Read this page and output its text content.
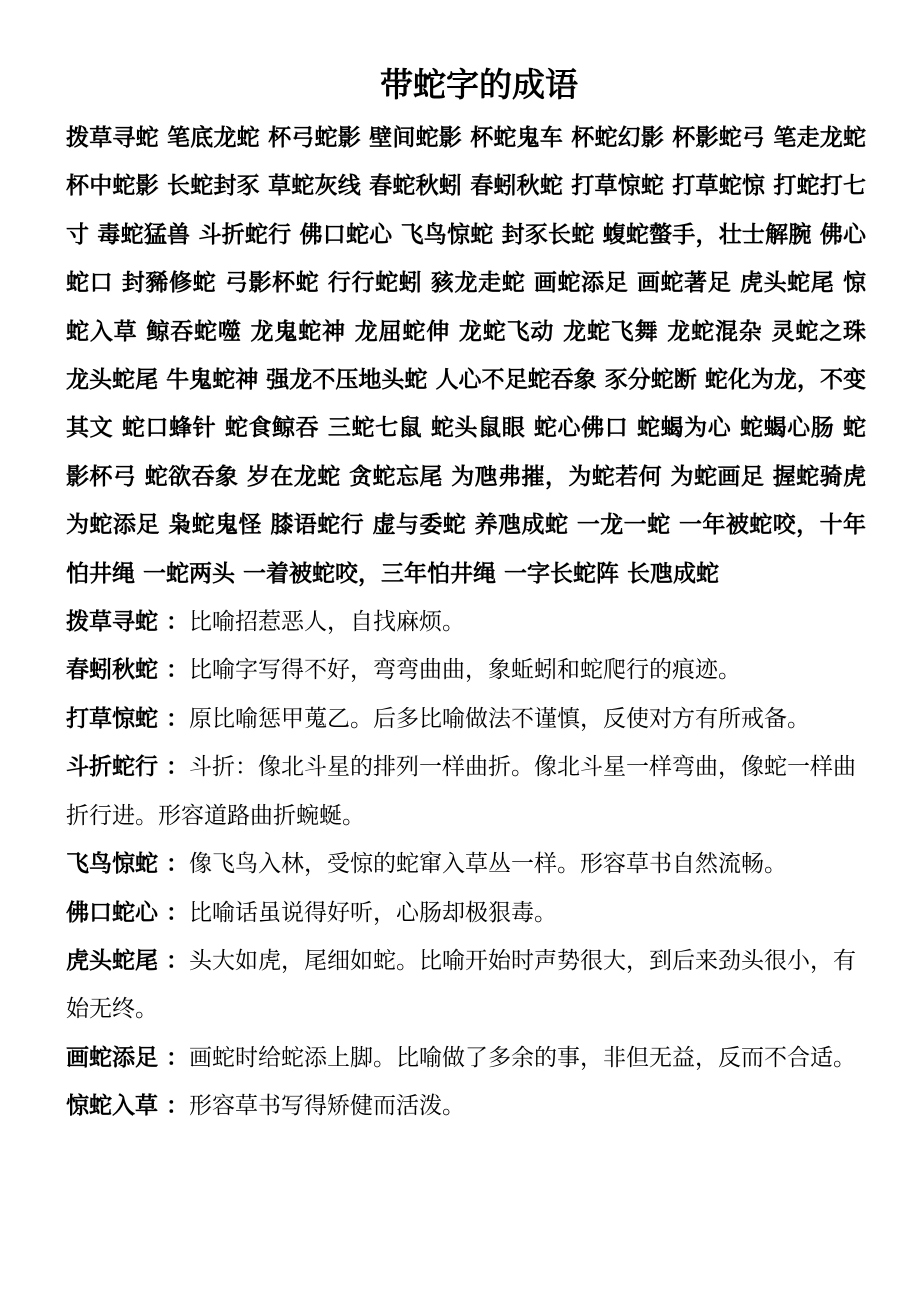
带蛇字的成语

拨草寻蛇 笔底龙蛇 杯弓蛇影 壁间蛇影 杯蛇鬼车 杯蛇幻影 杯影蛇弓 笔走龙蛇 杯中蛇影 长蛇封豕 草蛇灰线 春蛇秋蚓 春蚓秋蛇 打草惊蛇 打草蛇惊 打蛇打七寸 毒蛇猛兽 斗折蛇行 佛口蛇心 飞鸟惊蛇 封豕长蛇 蝮蛇螫手，壮士解腕 佛心蛇口 封豨修蛇 弓影杯蛇 行行蛇蚓 豥龙走蛇 画蛇添足 画蛇著足 虎头蛇尾 惊蛇入草 鲸吞蛇噬 龙鬼蛇神 龙屈蛇伸 龙蛇飞动 龙蛇飞舞 龙蛇混杂 灵蛇之珠 龙头蛇尾 牛鬼蛇神 强龙不压地头蛇 人心不足蛇吞象 豕分蛇断 蛇化为龙，不变其文 蛇口蜂针 蛇食鲸吞 三蛇七鼠 蛇头鼠眼 蛇心佛口 蛇蝎为心 蛇蝎心肠 蛇影杯弓 蛇欲吞象 岁在龙蛇 贪蛇忘尾 为虺弗摧，为蛇若何 为蛇画足 握蛇骑虎 为蛇添足 枭蛇鬼怪 膝语蛇行 虚与委蛇 养虺成蛇 一龙一蛇 一年被蛇咬，十年怕井绳 一蛇两头 一着被蛇咬，三年怕井绳 一字长蛇阵 长虺成蛇

拨草寻蛇 ：比喻招惹恶人，自找麻烦。

春蚓秋蛇 ：比喻字写得不好，弯弯曲曲，象蚯蚓和蛇爬行的痕迹。

打草惊蛇 ：原比喻惩甲蒐乙。后多比喻做法不谨慎，反使对方有所戒备。

斗折蛇行 ：斗折：像北斗星的排列一样曲折。像北斗星一样弯曲，像蛇一样曲折行进。形容道路曲折蜿蜒。

飞鸟惊蛇 ：像飞鸟入林，受惊的蛇窜入草丛一样。形容草书自然流畅。

佛口蛇心 ：比喻话虽说得好听，心肠却极狠毒。

虎头蛇尾 ：头大如虎，尾细如蛇。比喻开始时声势很大，到后来劲头很小，有始无终。

画蛇添足 ：画蛇时给蛇添上脚。比喻做了多余的事，非但无益，反而不合适。

惊蛇入草 ：形容草书写得矫健而活泼。
